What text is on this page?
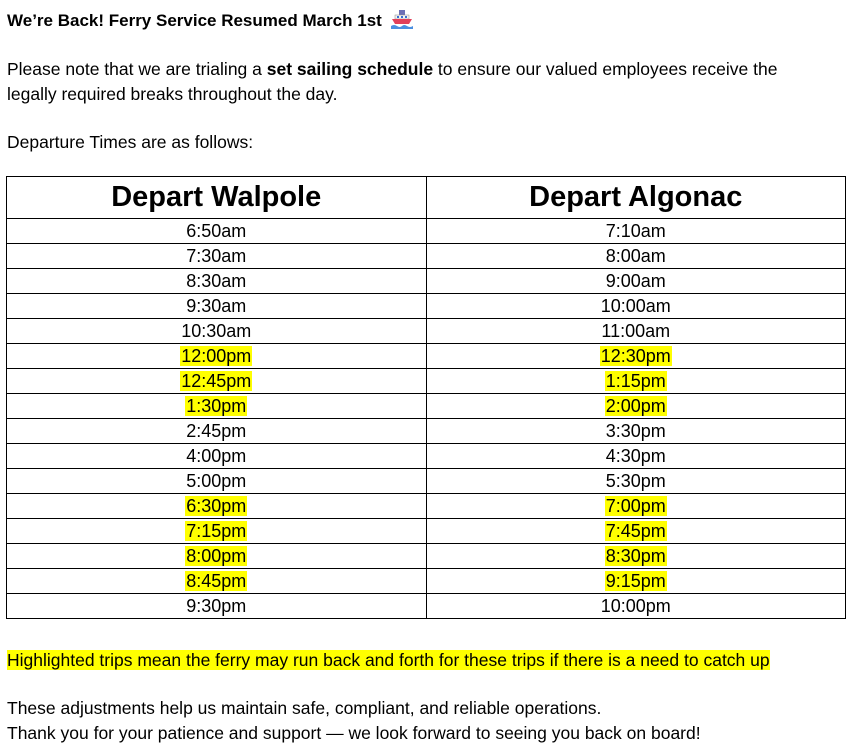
We’re Back! Ferry Service Resumed March 1st
Please note that we are trialing a set sailing schedule to ensure our valued employees receive the
legally required breaks throughout the day.
Departure Times are as follows:
Depart Walpole	Depart Algonac
6:50am	7:10am
7:30am	8:00am
8:30am	9:00am
9:30am	10:00am
10:30am	11:00am
12:00pm	12:30pm
12:45pm	1:15pm
1:30pm	2:00pm
2:45pm	3:30pm
4:00pm	4:30pm
5:00pm	5:30pm
6:30pm	7:00pm
7:15pm	7:45pm
8:00pm	8:30pm
8:45pm	9:15pm
9:30pm	10:00pm
Highlighted trips mean the ferry may run back and forth for these trips if there is a need to catch up
These adjustments help us maintain safe, compliant, and reliable operations.
Thank you for your patience and support — we look forward to seeing you back on board!
